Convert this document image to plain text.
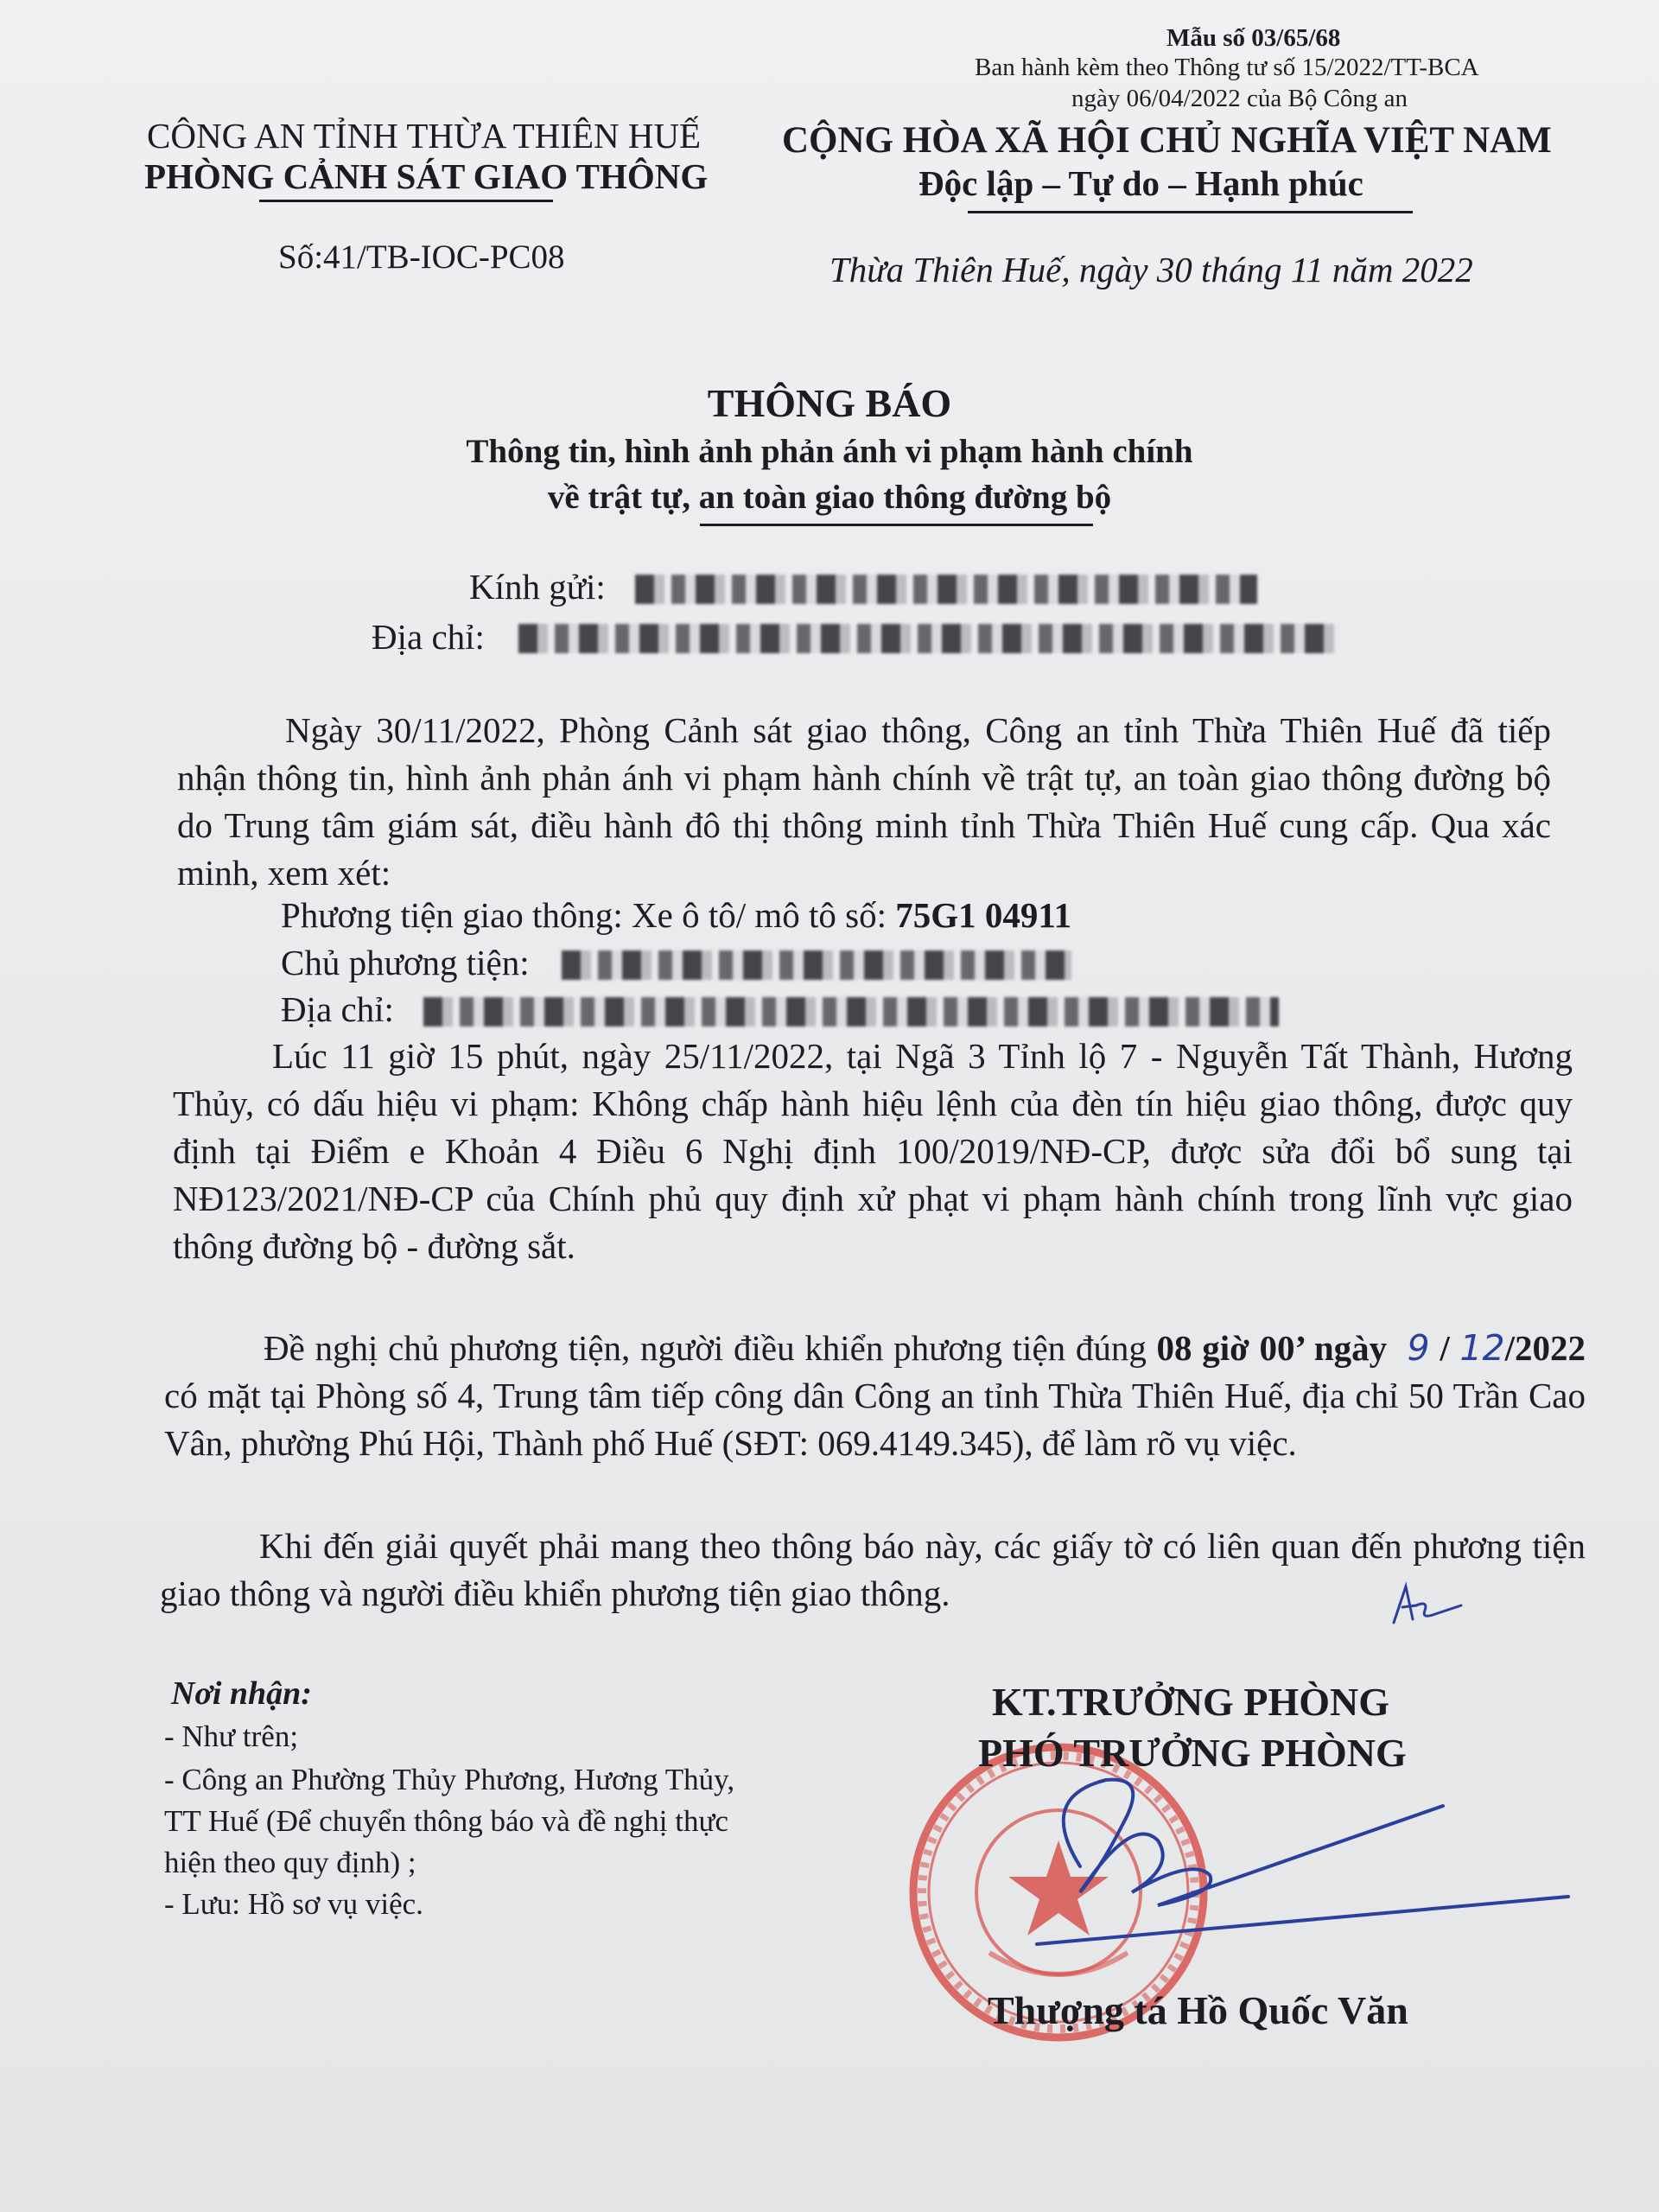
Mẫu số 03/65/68
Ban hành kèm theo Thông tư số 15/2022/TT-BCA
ngày 06/04/2022 của Bộ Công an
CÔNG AN TỈNH THỪA THIÊN HUẾ
PHÒNG CẢNH SÁT GIAO THÔNG
CỘNG HÒA XÃ HỘI CHỦ NGHĨA VIỆT NAM
Độc lập – Tự do – Hạnh phúc
Số:41/TB-IOC-PC08	Thừa Thiên Huế, ngày 30 tháng 11 năm 2022
THÔNG BÁO
Thông tin, hình ảnh phản ánh vi phạm hành chính
về trật tự, an toàn giao thông đường bộ
Kính gửi:
Địa chỉ:
Ngày 30/11/2022, Phòng Cảnh sát giao thông, Công an tỉnh Thừa Thiên Huế đã tiếp nhận thông tin, hình ảnh phản ánh vi phạm hành chính về trật tự, an toàn giao thông đường bộ do Trung tâm giám sát, điều hành đô thị thông minh tỉnh Thừa Thiên Huế cung cấp. Qua xác minh, xem xét:
Phương tiện giao thông: Xe ô tô/ mô tô số: 75G1 04911
Chủ phương tiện:
Địa chỉ:
Lúc 11 giờ 15 phút, ngày 25/11/2022, tại Ngã 3 Tỉnh lộ 7 - Nguyễn Tất Thành, Hương Thủy, có dấu hiệu vi phạm: Không chấp hành hiệu lệnh của đèn tín hiệu giao thông, được quy định tại Điểm e Khoản 4 Điều 6 Nghị định 100/2019/NĐ-CP, được sửa đổi bổ sung tại NĐ123/2021/NĐ-CP của Chính phủ quy định xử phạt vi phạm hành chính trong lĩnh vực giao thông đường bộ - đường sắt.
Đề nghị chủ phương tiện, người điều khiển phương tiện đúng 08 giờ 00’ ngày 9 / 12/2022 có mặt tại Phòng số 4, Trung tâm tiếp công dân Công an tỉnh Thừa Thiên Huế, địa chỉ 50 Trần Cao Vân, phường Phú Hội, Thành phố Huế (SĐT: 069.4149.345), để làm rõ vụ việc.
Khi đến giải quyết phải mang theo thông báo này, các giấy tờ có liên quan đến phương tiện giao thông và người điều khiển phương tiện giao thông.
Nơi nhận:
- Như trên;
- Công an Phường Thủy Phương, Hương Thủy,
TT Huế (Để chuyển thông báo và đề nghị thực
hiện theo quy định) ;
- Lưu: Hồ sơ vụ việc.
KT.TRƯỞNG PHÒNG
PHÓ TRƯỞNG PHÒNG
Thượng tá Hồ Quốc Văn
